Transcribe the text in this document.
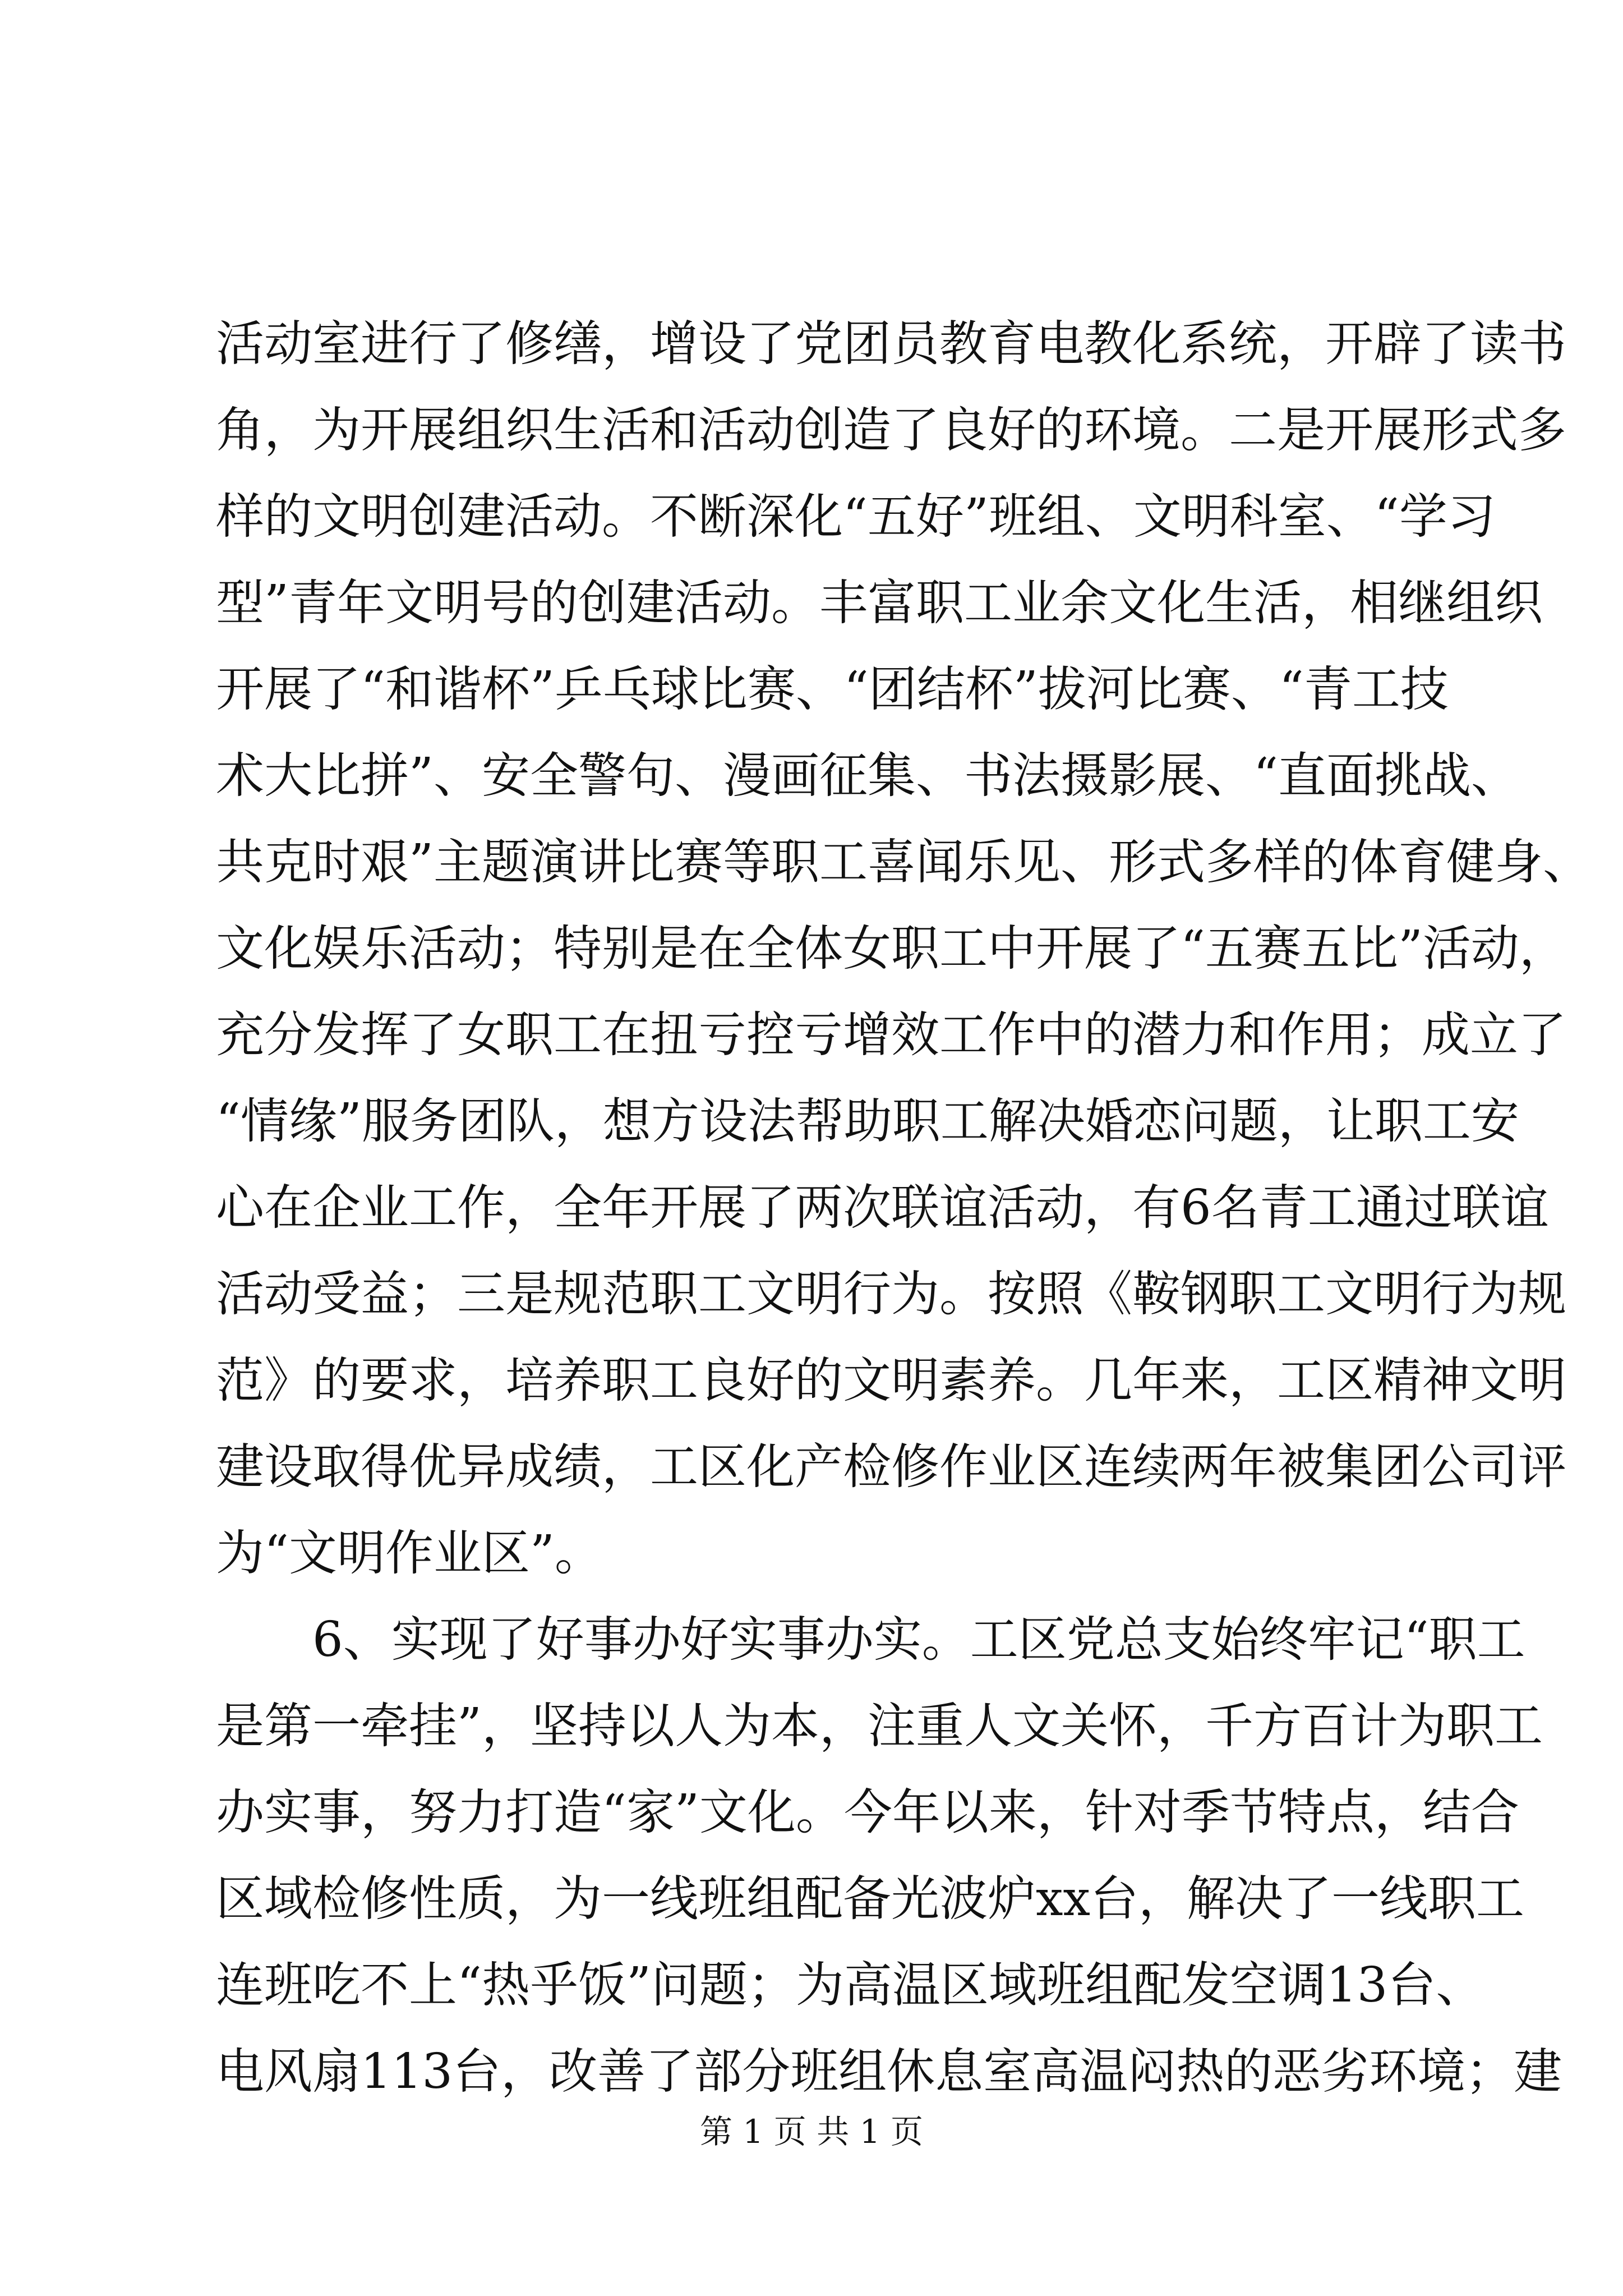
活动室进行了修缮，增设了党团员教育电教化系统，开辟了读书
角，为开展组织生活和活动创造了良好的环境。二是开展形式多
样的文明创建活动。不断深化“五好”班组、文明科室、“学习
型”青年文明号的创建活动。丰富职工业余文化生活，相继组织
开展了“和谐杯”乒乓球比赛、“团结杯”拔河比赛、“青工技
术大比拼”、安全警句、漫画征集、书法摄影展、“直面挑战、
共克时艰”主题演讲比赛等职工喜闻乐见、形式多样的体育健身、
文化娱乐活动；特别是在全体女职工中开展了“五赛五比”活动，
充分发挥了女职工在扭亏控亏增效工作中的潜力和作用；成立了
“情缘”服务团队，想方设法帮助职工解决婚恋问题，让职工安
心在企业工作，全年开展了两次联谊活动，有6名青工通过联谊
活动受益；三是规范职工文明行为。按照《鞍钢职工文明行为规
范》的要求，培养职工良好的文明素养。几年来，工区精神文明
建设取得优异成绩，工区化产检修作业区连续两年被集团公司评
为“文明作业区”。
　　6、实现了好事办好实事办实。工区党总支始终牢记“职工
是第一牵挂”，坚持以人为本，注重人文关怀，千方百计为职工
办实事，努力打造“家”文化。今年以来，针对季节特点，结合
区域检修性质，为一线班组配备光波炉xx台，解决了一线职工
连班吃不上“热乎饭”问题；为高温区域班组配发空调13台、
电风扇113台，改善了部分班组休息室高温闷热的恶劣环境；建
第 1 页 共 1 页
